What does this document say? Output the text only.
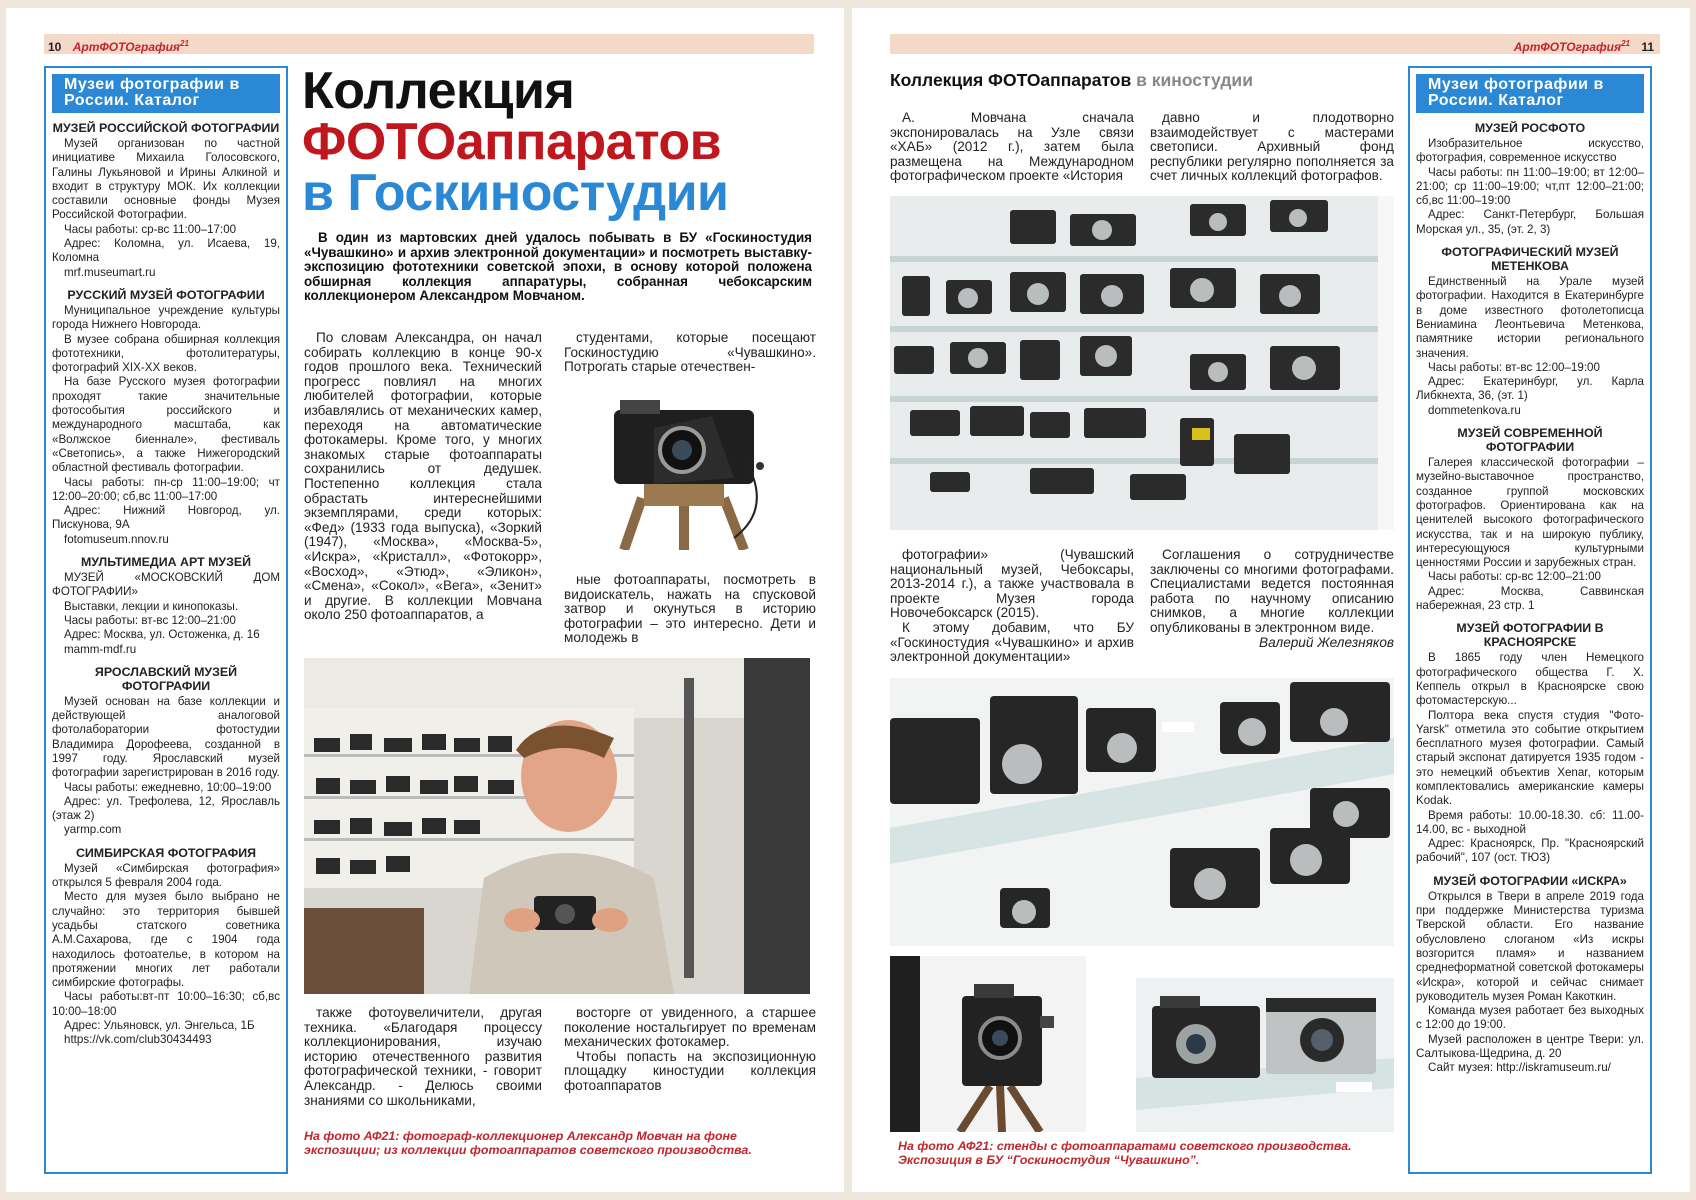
10 АртФОТОграфия$^{21}$
Музеи фотографии в России. Каталог
МУЗЕЙ РОССИЙСКОЙ ФОТОГРАФИИ

Музей организован по частной инициативе Михаила Голосовского, Галины Лукьяновой и Ирины Алкиной и входит в структуру МОК. Их коллекции составили основные фонды Музея Российской Фотографии.

Часы работы: ср-вс 11:00–17:00

Адрес: Коломна, ул. Исаева, 19, Коломна

mrf.museumart.ru
РУССКИЙ МУЗЕЙ ФОТОГРАФИИ

Муниципальное учреждение культуры города Нижнего Новгорода.

В музее собрана обширная коллекция фототехники, фотолитературы, фотографий XIX-XX веков.

На базе Русского музея фотографии проходят такие значительные фотособытия российского и международного масштаба, как «Волжское биеннале», фестиваль «Светопись», а также Нижегородский областной фестиваль фотографии.

Часы работы: пн-ср 11:00–19:00; чт 12:00–20:00; сб,вс 11:00–17:00

Адрес: Нижний Новгород, ул. Пискунова, 9А

fotomuseum.nnov.ru
МУЛЬТИМЕДИА АРТ МУЗЕЙ

МУЗЕЙ «МОСКОВСКИЙ ДОМ ФОТОГРАФИИ»

Выставки, лекции и кинопоказы.

Часы работы: вт-вс 12:00–21:00

Адрес: Москва, ул. Остоженка, д. 16

mamm-mdf.ru
ЯРОСЛАВСКИЙ МУЗЕЙ ФОТОГРАФИИ

Музей основан на базе коллекции и действующей аналоговой фотолаборатории фотостудии Владимира Дорофеева, созданной в 1997 году. Ярославский музей фотографии зарегистрирован в 2016 году.

Часы работы: ежедневно, 10:00–19:00

Адрес: ул. Трефолева, 12, Ярославль (этаж 2)

yarmp.com
СИМБИРСКАЯ ФОТОГРАФИЯ

Музей «Симбирская фотография» открылся 5 февраля 2004 года.

Место для музея было выбрано не случайно: это территория бывшей усадьбы статского советника А.М.Сахарова, где с 1904 года находилось фотоателье, в котором на протяжении многих лет работали симбирские фотографы.

Часы работы:вт-пт 10:00–16:30; сб,вс 10:00–18:00

Адрес: Ульяновск, ул. Энгельса, 1Б

https://vk.com/club30434493
Коллекция
ФОТОаппаратов
в Госкиностудии
В один из мартовских дней удалось побывать в БУ «Госкиностудия «Чувашкино» и архив электронной документации» и посмотреть выставку-экспозицию фототехники советской эпохи, в основу которой положена обширная коллекция аппаратуры, собранная чебоксарским коллекционером Александром Мовчаном.

По словам Александра, он начал собирать коллекцию в конце 90-х годов прошлого века. Технический прогресс повлиял на многих любителей фотографии, которые избавлялись от механических камер, переходя на автоматические фотокамеры. Кроме того, у многих знакомых старые фотоаппараты сохранились от дедушек. Постепенно коллекция стала обрастать интереснейшими экземплярами, среди которых: «Фед» (1933 года выпуска), «Зоркий (1947), «Москва», «Москва-5», «Искра», «Кристалл», «Фотокорр», «Восход», «Этюд», «Эликон», «Смена», «Сокол», «Вега», «Зенит» и другие. В коллекции Мовчана около 250 фотоаппаратов, а

студентами, которые посещают Госкиностудию «Чувашкино». Потрогать старые отечествен-

ные фотоаппараты, посмотреть в видоискатель, нажать на спусковой затвор и окунуться в историю фотографии – это интересно. Дети и молодежь в

также фотоувеличители, другая техника. «Благодаря процессу коллекционирования, изучаю историю отечественного развития фотографической техники, - говорит Александр. - Делюсь своими знаниями со школьниками,

восторге от увиденного, а старшее поколение ностальгирует по временам механических фотокамер.

Чтобы попасть на экспозиционную площадку киностудии коллекция фотоаппаратов

На фото АФ21: фотограф-коллекционер Александр Мовчан на фоне экспозиции; из коллекции фотоаппаратов советского производства.
АртФОТОграфия$^{21}$ 11
Коллекция ФОТОаппаратов в киностудии

А. Мовчана сначала экспонировалась на Узле связи «ХАБ» (2012 г.), затем была размещена на Международном фотографическом проекте «История

давно и плодотворно взаимодействует с мастерами светописи. Архивный фонд республики регулярно пополняется за счет личных коллекций фотографов.

фотографии» (Чувашский национальный музей, Чебоксары, 2013-2014 г.), а также участвовала в проекте Музея города Новочебоксарск (2015).

К этому добавим, что БУ «Госкиностудия «Чувашкино» и архив электронной документации»

Соглашения о сотрудничестве заключены со многими фотографами. Специалистами ведется постоянная работа по научному описанию снимков, а многие коллекции опубликованы в электронном виде.

Валерий Железняков

На фото АФ21: стенды с фотоаппаратами советского производства. Экспозиция в БУ “Госкиностудия “Чувашкино”.
Музеи фотографии в России. Каталог
МУЗЕЙ РОСФОТО

Изобразительное искусство, фотография, современное искусство

Часы работы: пн 11:00–19:00; вт 12:00–21:00; ср 11:00–19:00; чт,пт 12:00–21:00; сб,вс 11:00–19:00

Адрес: Санкт-Петербург, Большая Морская ул., 35, (эт. 2, 3)

ФОТОГРАФИЧЕСКИЙ МУЗЕЙ МЕТЕНКОВА

Единственный на Урале музей фотографии. Находится в Екатеринбурге в доме известного фотолетописца Вениамина Леонтьевича Метенкова, памятнике истории регионального значения.

Часы работы: вт-вс 12:00–19:00

Адрес: Екатеринбург, ул. Карла Либкнехта, 36, (эт. 1)

dommetenkova.ru
МУЗЕЙ СОВРЕМЕННОЙ ФОТОГРАФИИ

Галерея классической фотографии – музейно-выставочное пространство, созданное группой московских фотографов. Ориентирована как на ценителей высокого фотографического искусства, так и на широкую публику, интересующуюся культурными ценностями России и зарубежных стран.

Часы работы: ср-вс 12:00–21:00

Адрес: Москва, Саввинская набережная, 23 стр. 1

МУЗЕЙ ФОТОГРАФИИ В КРАСНОЯРСКЕ

В 1865 году член Немецкого фотографического общества Г. Х. Кеппель открыл в Красноярске свою фотомастерскую...

Полтора века спустя студия "Фото-Yarsk" отметила это событие открытием бесплатного музея фотографии. Самый старый экспонат датируется 1935 годом - это немецкий объектив Xenar, которым комплектовались американские камеры Kodak.

Время работы: 10.00-18.30. сб: 11.00-14.00, вс - выходной

Адрес: Красноярск, Пр. "Красноярский рабочий", 107 (ост. ТЮЗ)

МУЗЕЙ ФОТОГРАФИИ «ИСКРА»

Открылся в Твери в апреле 2019 года при поддержке Министерства туризма Тверской области. Его название обусловлено слоганом «Из искры возгорится пламя» и названием среднеформатной советской фотокамеры «Искра», которой и сейчас снимает руководитель музея Роман Какоткин.

Команда музея работает без выходных с 12:00 до 19:00.

Музей расположен в центре Твери: ул. Салтыкова-Щедрина, д. 20

Сайт музея: http://iskramuseum.ru/
